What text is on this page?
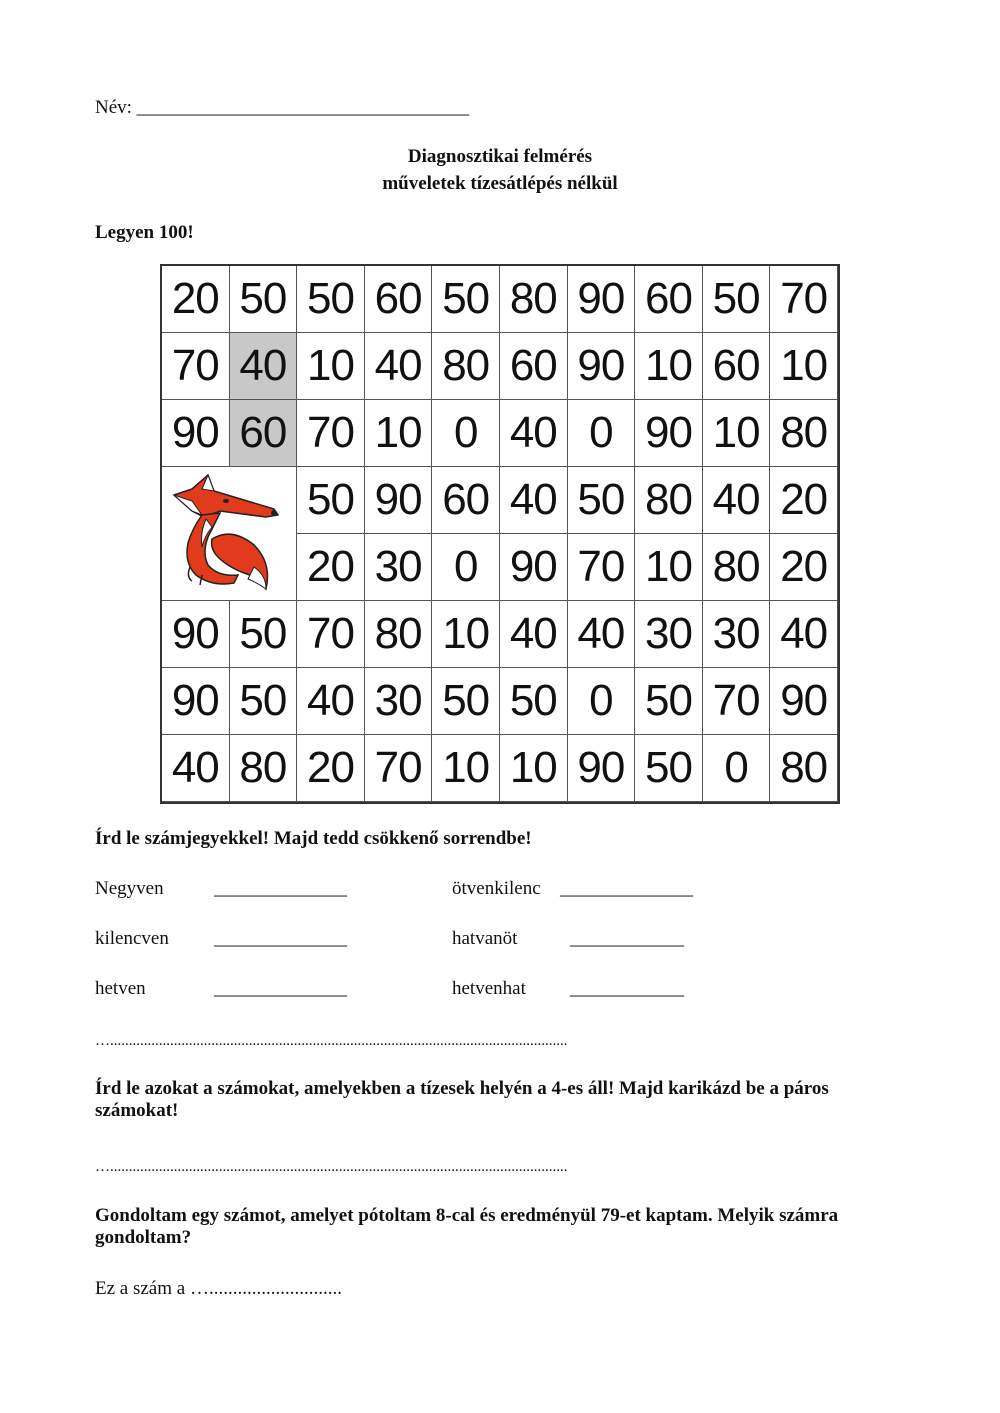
Név: ___________________________________
Diagnosztikai felmérés
műveletek tízesátlépés nélkül
Legyen 100!
20 50 50 60 50 80 90 60 50 70
70 40 10 40 80 60 90 10 60 10
90 60 70 10 0 40 0 90 10 80
50 90 60 40 50 80 40 20
20 30 0 90 70 10 80 20
90 50 70 80 10 40 40 30 30 40
90 50 40 30 50 50 0 50 70 90
40 80 20 70 10 10 90 50 0 80
Írd le számjegyekkel! Majd tedd csökkenő sorrendbe!
Negyven	______________	ötvenkilenc ______________
kilencven ______________	hatvanöt	____________
hetven	______________	hetvenhat ____________
…..........................................................................................................................
Írd le azokat a számokat, amelyekben a tízesek helyén a 4-es áll! Majd karikázd be a páros számokat!
…..........................................................................................................................
Gondoltam egy számot, amelyet pótoltam 8-cal és eredményül 79-et kaptam. Melyik számra gondoltam?
Ez a szám a …............................
